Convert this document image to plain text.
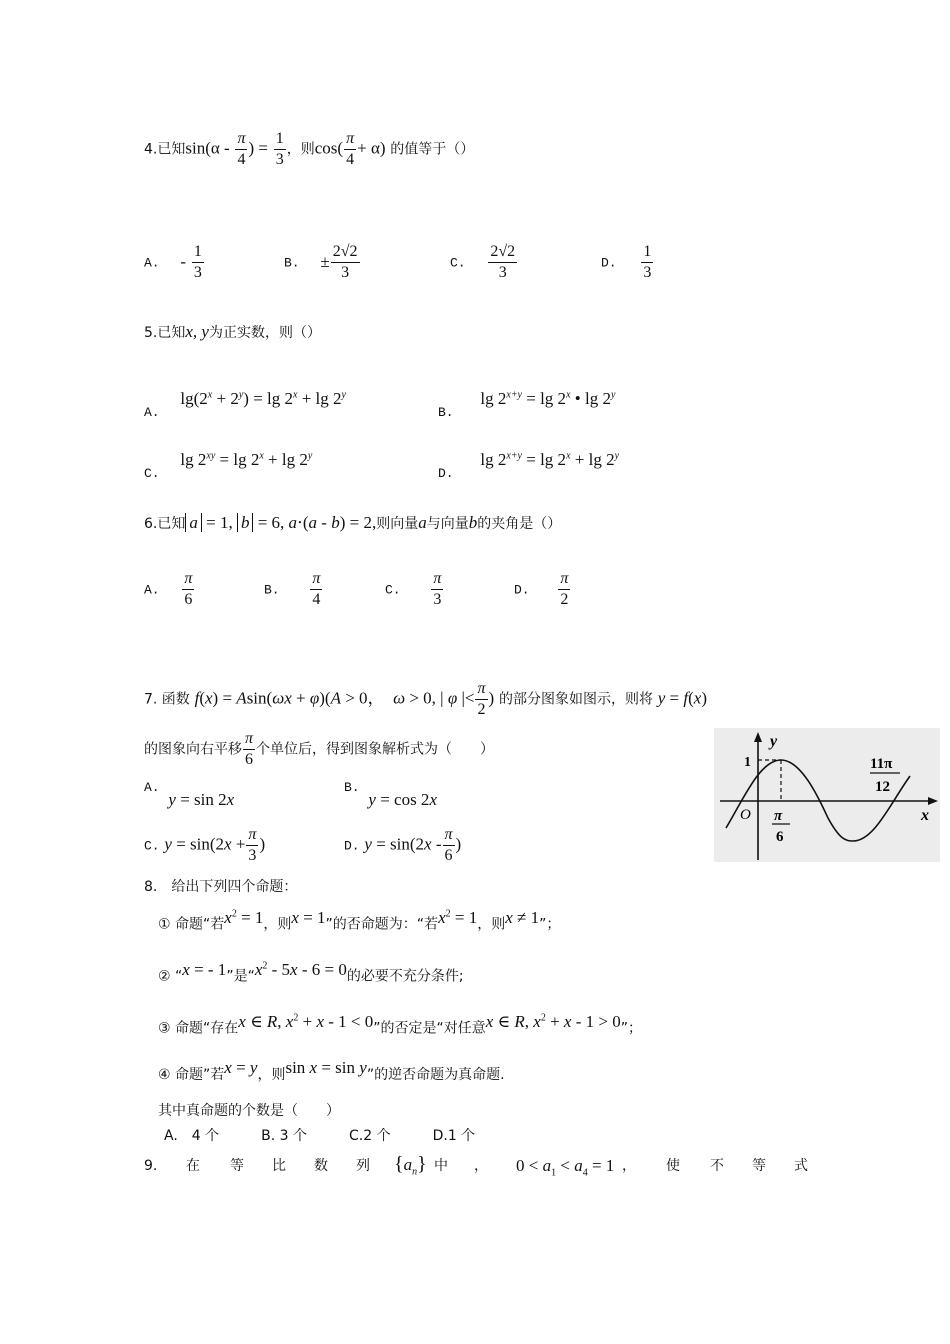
4.已知$\sin(\alpha - \frac{\pi}{4}$ ) = $\frac{1}{3}$ ，则$\cos( \frac{\pi}{4} + \alpha)$ 的值等于（）
A. - $\frac{1}{3}$	B. ± $\frac{2√2}{3}$	C. $\frac{2√2}{3}$	D. $\frac{1}{3}$
5.已知x, y为正实数，则（）
A. $\lg(2^x + 2^y) = \lg 2^x + \lg 2^y$
B. $\lg 2^{x+y} = \lg 2^x$ • lg 2$^y$
C. $\lg 2^{xy} = \lg 2^x + \lg 2^y$
D. $\lg 2^{x+y} = \lg 2^x + \lg 2^y$
6.已知 a = 1, b = 6, a⋅(a - b) = 2,则向量a与向量b的夹角是（）
A. $\frac{\pi}{6}$	B. $\frac{\pi}{4}$	C. $\frac{\pi}{3}$	D. $\frac{\pi}{2}$
7. 函数 f(x) = Asin(ωx + φ)(A > 0，  ω > 0, | φ |< $\frac{\pi}{2}$ ) 的部分图象如图示，则将 y = f(x)
的图象向右平移 $\frac{\pi}{6}$ 个单位后，得到图象解析式为（　　）
A. y = sin 2x
B. y = cos 2x
C. $y = \sin(2x + \frac{\pi}{3}$ )	D. $y = \sin(2x - \frac{\pi}{6}$ )
y
x
O
1
π
6
11π
12
8.　给出下列四个命题：
① 命题“若$x^2 = 1$，则x = 1”的否命题为：“若$x^2 = 1$，则x ≠ 1”；
② “x = - 1”是“$x^2 - 5x - 6 = 0$的必要不充分条件;
③ 命题“存在x ∈ R, $x^2 + x - 1 < 0$”的否定是“对任意x ∈ R, $x^2 + x - 1 > 0$”；
④ 命题”若x = y，则sin x = sin y”的逆否命题为真命题.
其中真命题的个数是（　　）
A.　4 个　　　B. 3 个　　　C.2 个　　　D.1 个
9. 在 等 比 数 列 $\{a_n\}$ 中 ， $0 < a_1 < a_4 = 1$ ， 使 不 等 式
